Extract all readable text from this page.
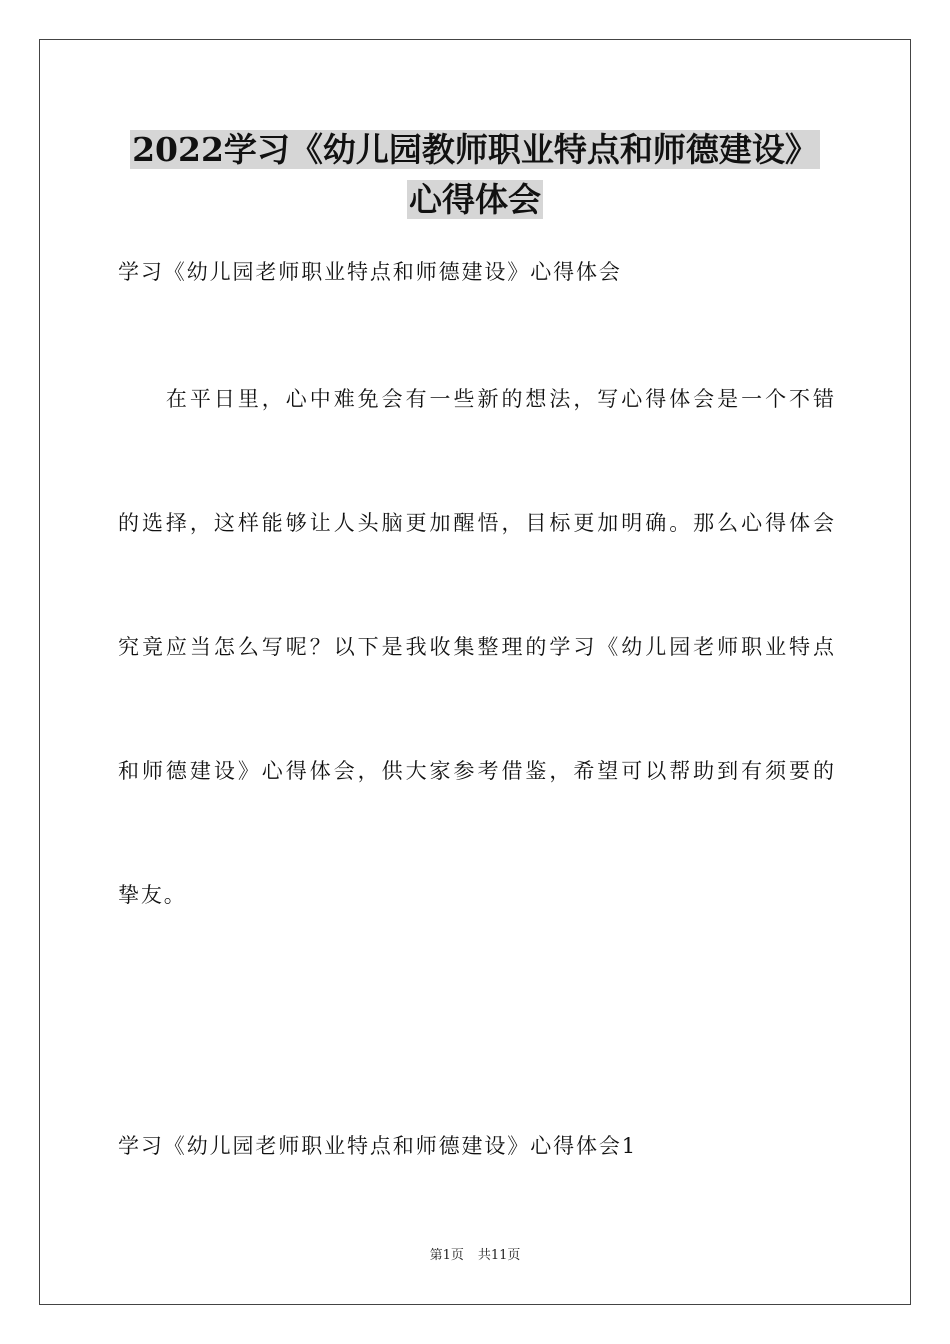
2022学习《幼儿园教师职业特点和师德建设》
心得体会
学习《幼儿园老师职业特点和师德建设》心得体会
　　在平日里，心中难免会有一些新的想法，写心得体会是一个不错
的选择，这样能够让人头脑更加醒悟，目标更加明确。那么心得体会
究竟应当怎么写呢？以下是我收集整理的学习《幼儿园老师职业特点
和师德建设》心得体会，供大家参考借鉴，希望可以帮助到有须要的
挚友。
学习《幼儿园老师职业特点和师德建设》心得体会1
第1页 共11页
